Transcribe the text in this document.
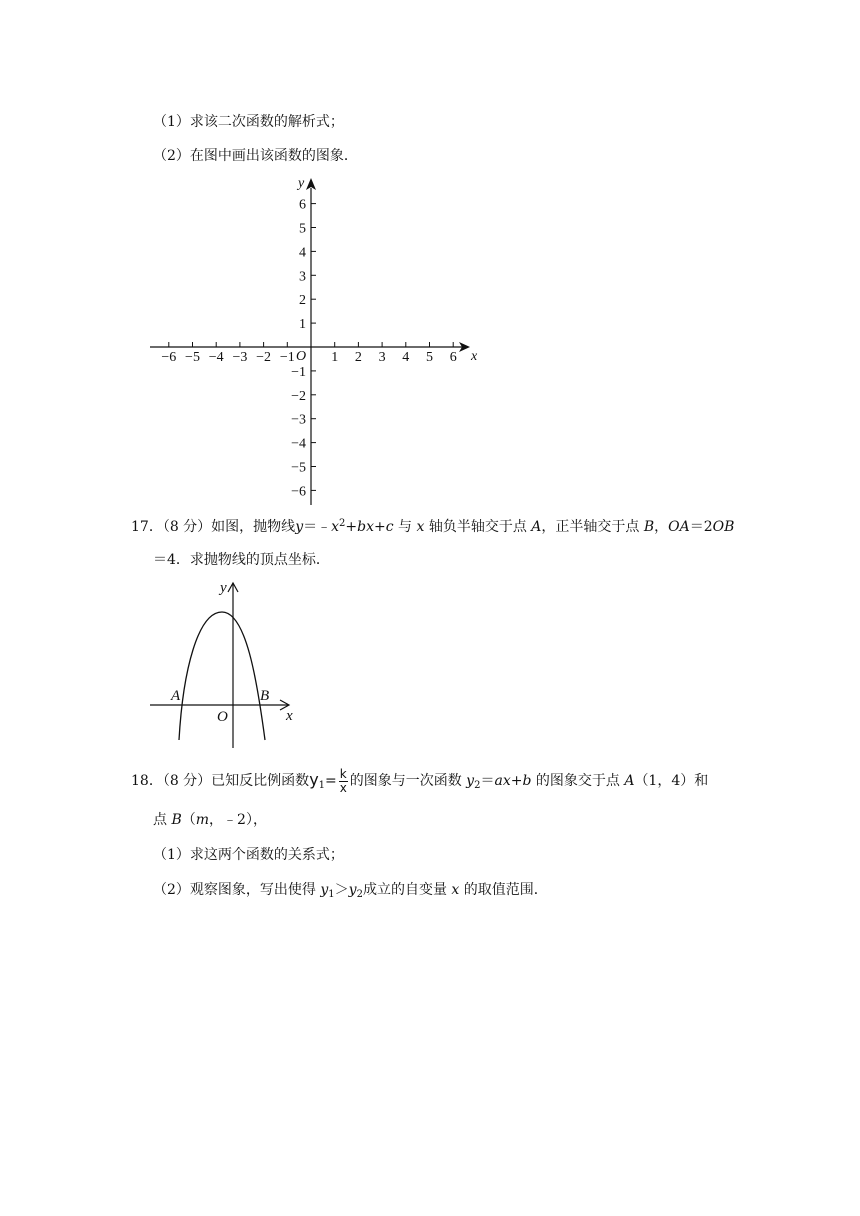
（1）求该二次函数的解析式；
（2）在图中画出该函数的图象．
−6 −5 −4 −3 −2 −1	1 2 3 4 5 6
6
5
4
3
2
1
−1
−2
−3
−4
−5
−6
x
y
O
17．（8 分）如图，抛物线$y=﹣x^2+bx+c$ 与 x 轴负半轴交于点 A，正半轴交于点 B，OA＝2OB
＝4．求抛物线的顶点坐标．
A	B
O	x
y
18．（8 分）已知反比例函数$y_1= \frac{k}{x}$ 的图象与一次函数 $y_2=ax+b$ 的图象交于点 A（1，4）和
点 B（m，﹣2），
（1）求这两个函数的关系式；
（2）观察图象，写出使得 $y_1>y_2$成立的自变量 x 的取值范围．
